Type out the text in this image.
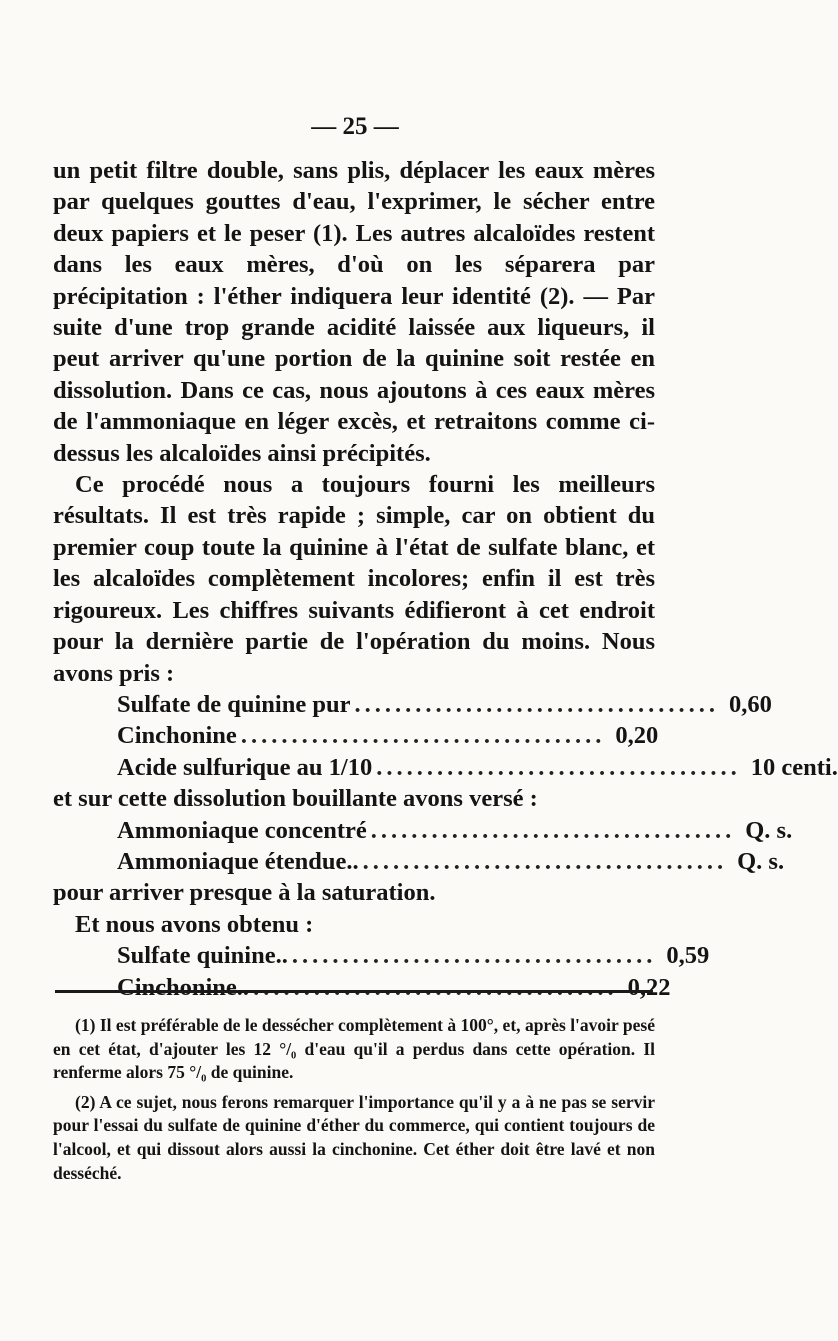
— 25 —

un petit filtre double, sans plis, déplacer les eaux mères par quelques gouttes d'eau, l'exprimer, le sécher entre deux papiers et le peser (1). Les autres alcaloïdes restent dans les eaux mères, d'où on les séparera par précipitation : l'éther indiquera leur identité (2). — Par suite d'une trop grande acidité laissée aux liqueurs, il peut arriver qu'une portion de la quinine soit restée en dissolution. Dans ce cas, nous ajoutons à ces eaux mères de l'ammoniaque en léger excès, et retraitons comme ci-dessus les alcaloïdes ainsi précipités.

Ce procédé nous a toujours fourni les meilleurs résultats. Il est très rapide ; simple, car on obtient du premier coup toute la quinine à l'état de sulfate blanc, et les alcaloïdes complètement incolores; enfin il est très rigoureux. Les chiffres suivants édifieront à cet endroit pour la dernière partie de l'opération du moins. Nous avons pris :

Sulfate de quinine pur .................................... 0,60
Cinchonine .................................... 0,20
Acide sulfurique au 1/10 .................................... 10 centi.

et sur cette dissolution bouillante avons versé :

Ammoniaque concentré .................................... Q. s.
Ammoniaque étendue.. .................................... Q. s.

pour arriver presque à la saturation.

Et nous avons obtenu :

Sulfate quinine.. .................................... 0,59
Cinchonine.. .................................... 0,22

(1) Il est préférable de le dessécher complètement à 100°, et, après l'avoir pesé en cet état, d'ajouter les 12 °/₀ d'eau qu'il a perdus dans cette opération. Il renferme alors 75 °/₀ de quinine.

(2) A ce sujet, nous ferons remarquer l'importance qu'il y a à ne pas se servir pour l'essai du sulfate de quinine d'éther du commerce, qui contient toujours de l'alcool, et qui dissout alors aussi la cinchonine. Cet éther doit être lavé et non desséché.
